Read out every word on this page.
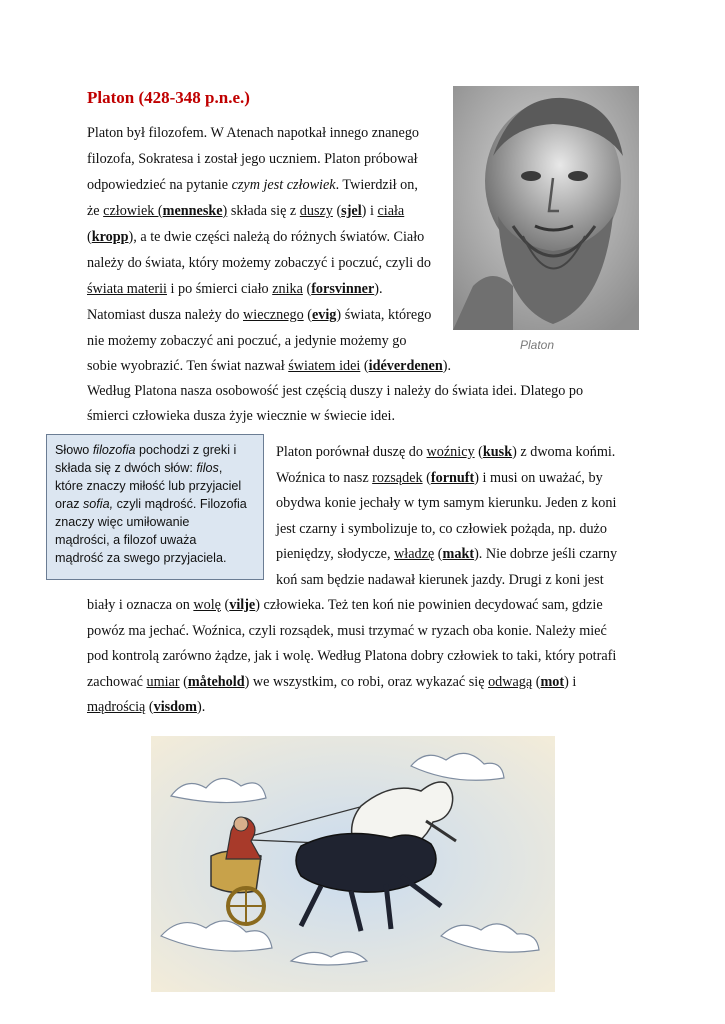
Platon (428-348 p.n.e.)
Platon
Platon był filozofem. W Atenach napotkał innego znanego
filozofa, Sokratesa i został jego uczniem. Platon próbował
odpowiedzieć na pytanie czym jest człowiek. Twierdził on,
że człowiek (menneske) składa się z duszy (sjel) i ciała
(kropp), a te dwie części należą do różnych światów. Ciało
należy do świata, który możemy zobaczyć i poczuć, czyli do
świata materii i po śmierci ciało znika (forsvinner).
Natomiast dusza należy do wiecznego (evig) świata, którego
nie możemy zobaczyć ani poczuć, a jedynie możemy go
sobie wyobrazić. Ten świat nazwał światem idei (idéverdenen).
Według Platona nasza osobowość jest częścią duszy i należy do świata idei. Dlatego po
śmierci człowieka dusza żyje wiecznie w świecie idei.
Słowo filozofia pochodzi z greki i
składa się z dwóch słów: filos,
które znaczy miłość lub przyjaciel
oraz sofia, czyli mądrość. Filozofia
znaczy więc umiłowanie
mądrości, a filozof uważa
mądrość za swego przyjaciela.
Platon porównał duszę do woźnicy (kusk) z dwoma końmi.
Woźnica to nasz rozsądek (fornuft) i musi on uważać, by
obydwa konie jechały w tym samym kierunku. Jeden z koni
jest czarny i symbolizuje to, co człowiek pożąda, np. dużo
pieniędzy, słodycze, władzę (makt). Nie dobrze jeśli czarny
koń sam będzie nadawał kierunek jazdy. Drugi z koni jest
biały i oznacza on wolę (vilje) człowieka. Też ten koń nie powinien decydować sam, gdzie
powóz ma jechać. Woźnica, czyli rozsądek, musi trzymać w ryzach oba konie. Należy mieć
pod kontrolą zarówno żądze, jak i wolę. Według Platona dobry człowiek to taki, który potrafi
zachować umiar (måtehold) we wszystkim, co robi, oraz wykazać się odwagą (mot) i
mądrością (visdom).
